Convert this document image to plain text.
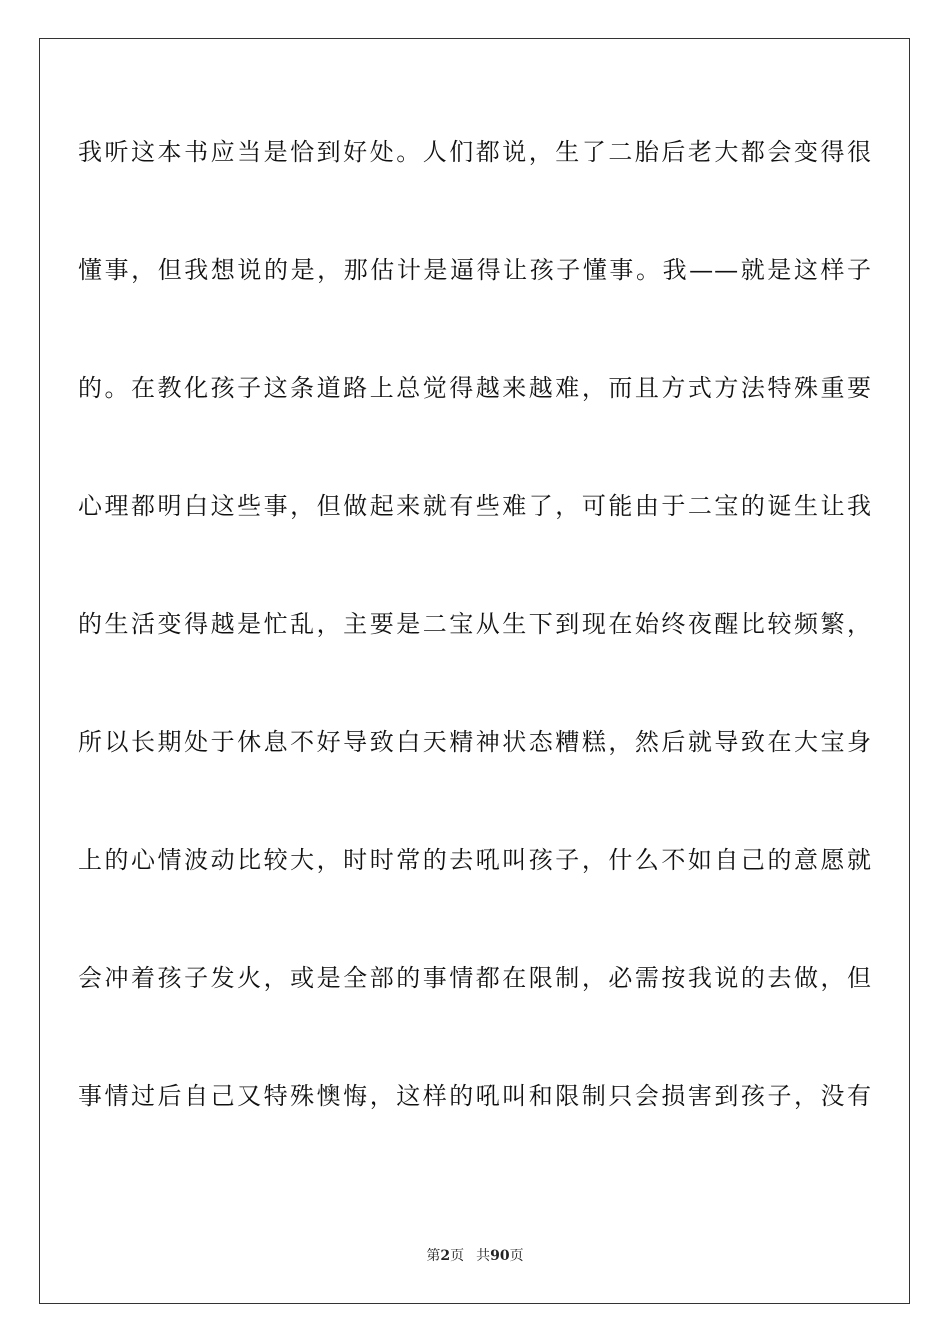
我听这本书应当是恰到好处。人们都说，生了二胎后老大都会变得很
懂事，但我想说的是，那估计是逼得让孩子懂事。我——就是这样子
的。在教化孩子这条道路上总觉得越来越难，而且方式方法特殊重要
心理都明白这些事，但做起来就有些难了，可能由于二宝的诞生让我
的生活变得越是忙乱，主要是二宝从生下到现在始终夜醒比较频繁，
所以长期处于休息不好导致白天精神状态糟糕，然后就导致在大宝身
上的心情波动比较大，时时常的去吼叫孩子，什么不如自己的意愿就
会冲着孩子发火，或是全部的事情都在限制，必需按我说的去做，但
事情过后自己又特殊懊悔，这样的吼叫和限制只会损害到孩子，没有
第2页 共90页
